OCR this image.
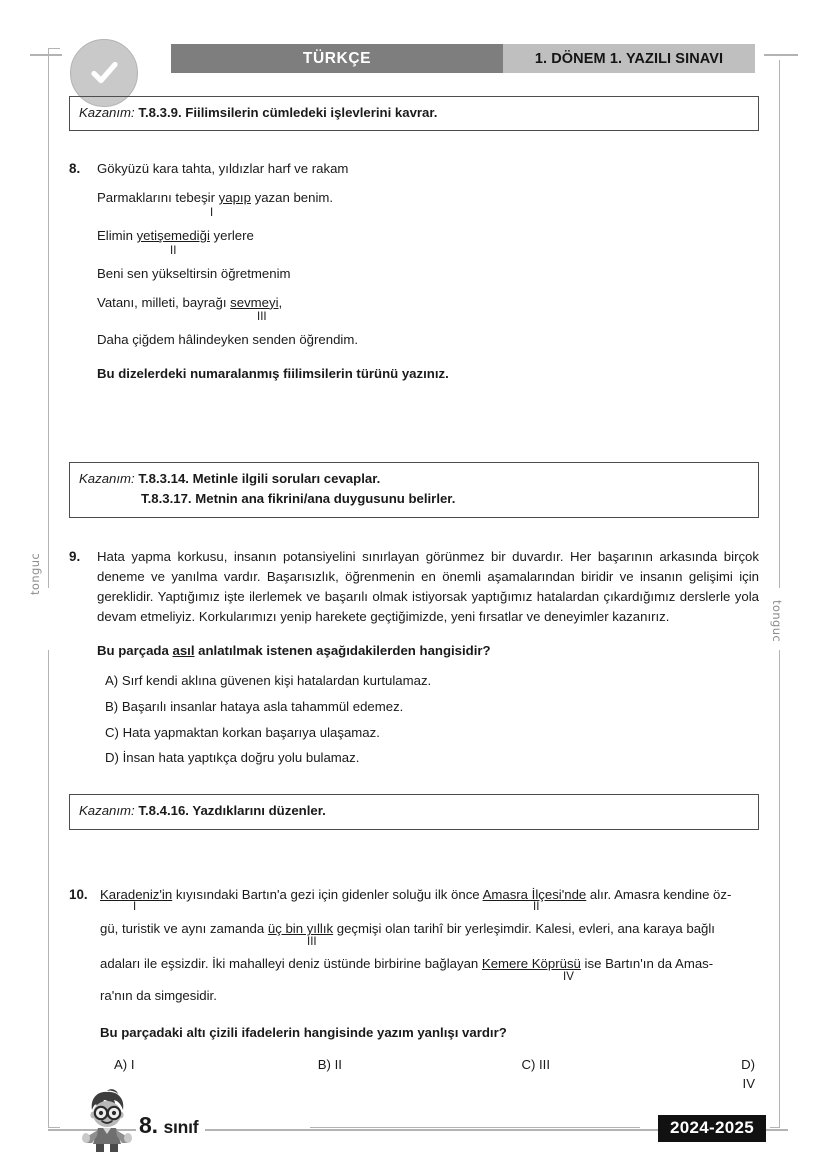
TÜRKÇE	1. DÖNEM 1. YAZILI SINAVI
tonguc
tonguc
Kazanım: T.8.3.9. Fiilimsilerin cümledeki işlevlerini kavrar.
8. Gökyüzü kara tahta, yıldızlar harf ve rakam
Parmaklarını tebeşir yapıp yazan benim.
I
Elimin yetişemediği yerlere
II
Beni sen yükseltirsin öğretmenim
Vatanı, milleti, bayrağı sevmeyi,
III
Daha çiğdem hâlindeyken senden öğrendim.
Bu dizelerdeki numaralanmış fiilimsilerin türünü yazınız.
Kazanım: T.8.3.14. Metinle ilgili soruları cevaplar.
T.8.3.17. Metnin ana fikrini/ana duygusunu belirler.
9. Hata yapma korkusu, insanın potansiyelini sınırlayan görünmez bir duvardır. Her başarının arkasında birçok deneme ve yanılma vardır. Başarısızlık, öğrenmenin en önemli aşamalarından biridir ve insanın gelişimi için gereklidir. Yaptığımız işte ilerlemek ve başarılı olmak istiyorsak yaptığımız hatalardan çıkardığımız derslerle yola devam etmeliyiz. Korkularımızı yenip harekete geçtiğimizde, yeni fırsatlar ve deneyimler kazanırız.
Bu parçada asıl anlatılmak istenen aşağıdakilerden hangisidir?
A) Sırf kendi aklına güvenen kişi hatalardan kurtulamaz.
B) Başarılı insanlar hataya asla tahammül edemez.
C) Hata yapmaktan korkan başarıya ulaşamaz.
D) İnsan hata yaptıkça doğru yolu bulamaz.
Kazanım: T.8.4.16. Yazdıklarını düzenler.
10. Karadeniz'in kıyısındaki Bartın'a gezi için gidenler soluğu ilk önce Amasra İlçesi'nde alır. Amasra kendine öz-
I	II
gü, turistik ve aynı zamanda üç bin yıllık geçmişi olan tarihî bir yerleşimdir. Kalesi, evleri, ana karaya bağlı
III
adaları ile eşsizdir. İki mahalleyi deniz üstünde birbirine bağlayan Kemere Köprüsü ise Bartın'ın da Amas-
IV
ra'nın da simgesidir.
Bu parçadaki altı çizili ifadelerin hangisinde yazım yanlışı vardır?
A) I	B) II	C) III	D) IV
8. sınıf	2024-2025
